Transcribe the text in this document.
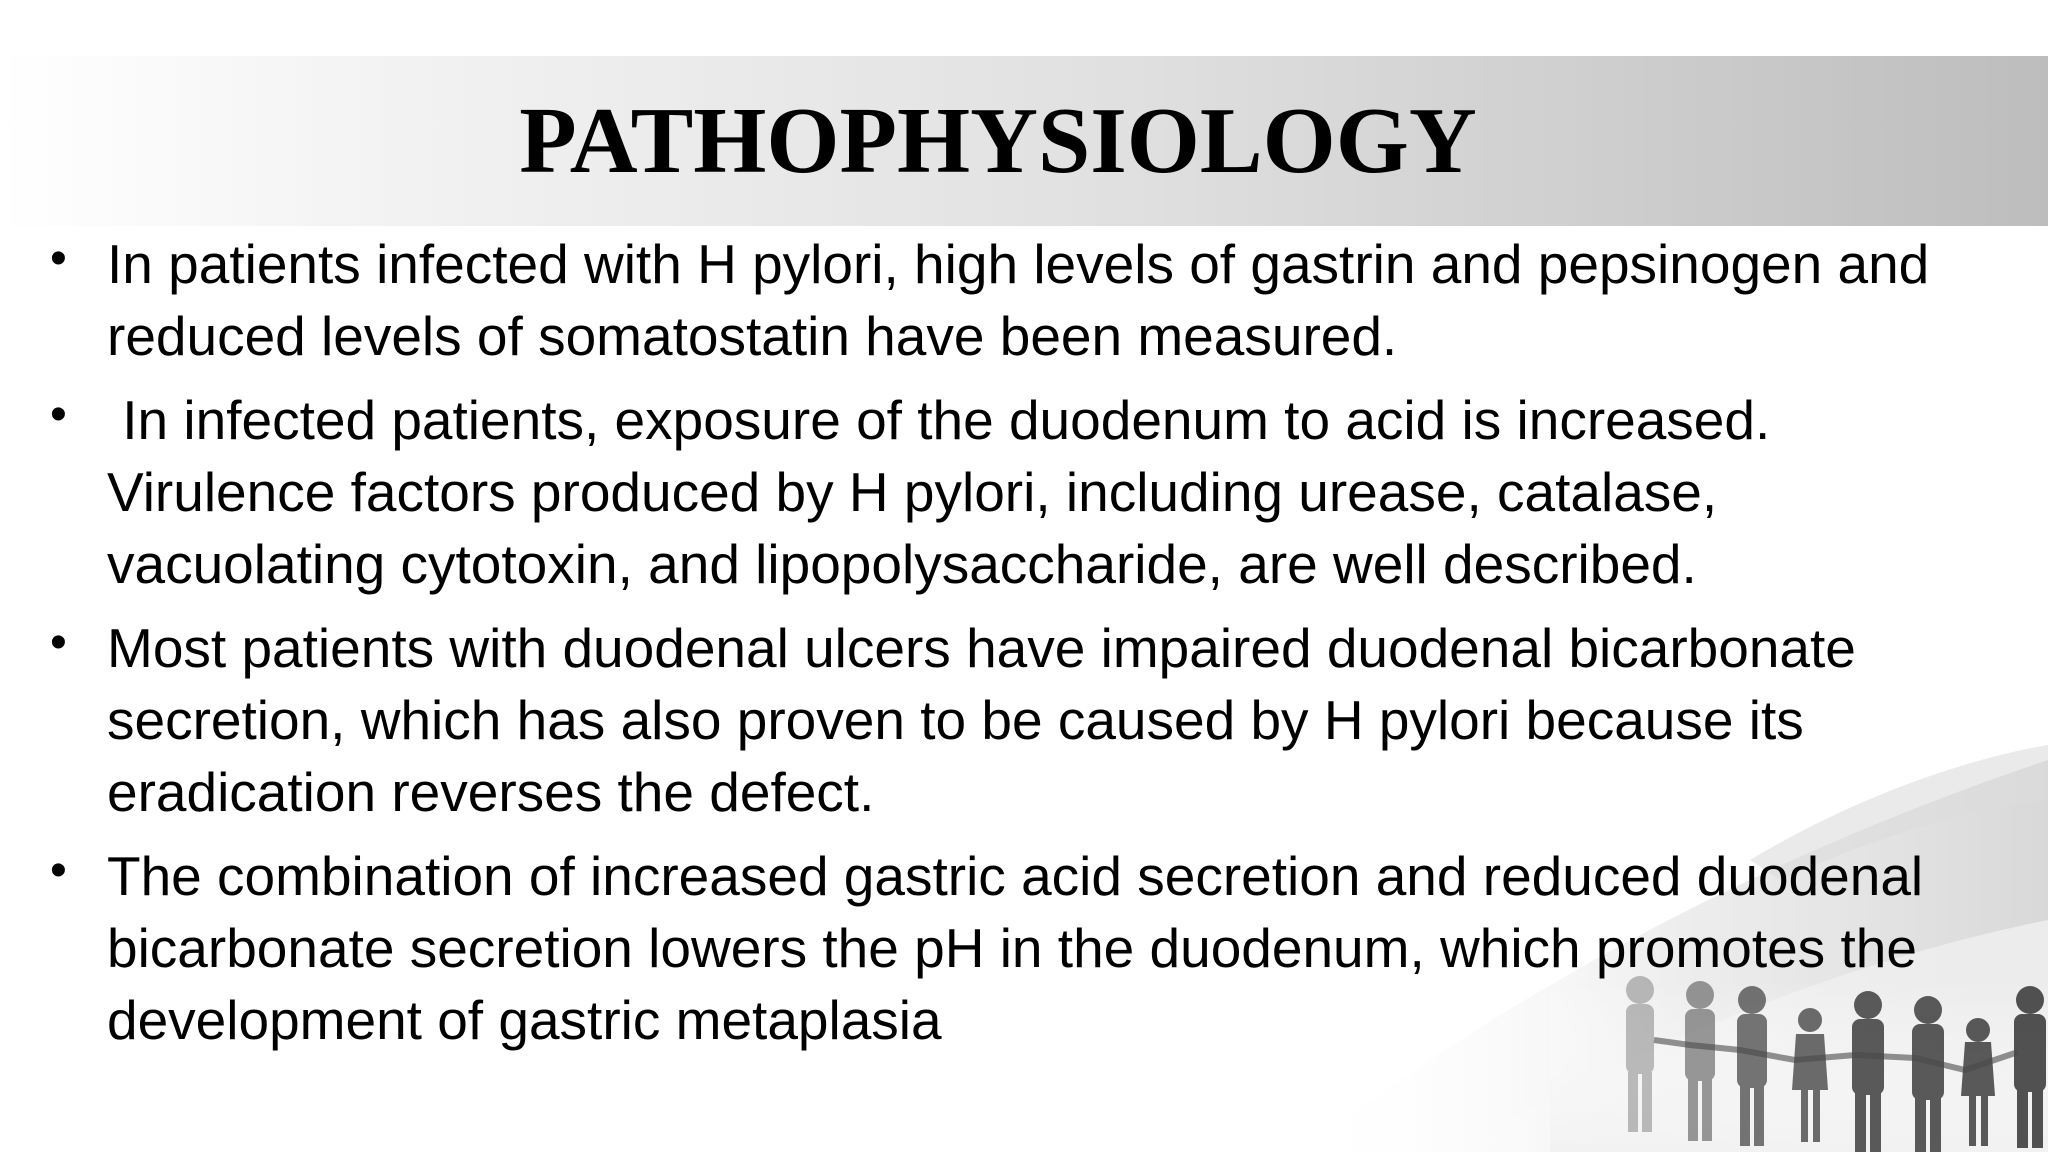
PATHOPHYSIOLOGY
• In patients infected with H pylori, high levels of gastrin and pepsinogen and reduced levels of somatostatin have been measured.
• In infected patients, exposure of the duodenum to acid is increased. Virulence factors produced by H pylori, including urease, catalase, vacuolating cytotoxin, and lipopolysaccharide, are well described.
• Most patients with duodenal ulcers have impaired duodenal bicarbonate secretion, which has also proven to be caused by H pylori because its eradication reverses the defect.
• The combination of increased gastric acid secretion and reduced duodenal bicarbonate secretion lowers the pH in the duodenum, which promotes the development of gastric metaplasia
